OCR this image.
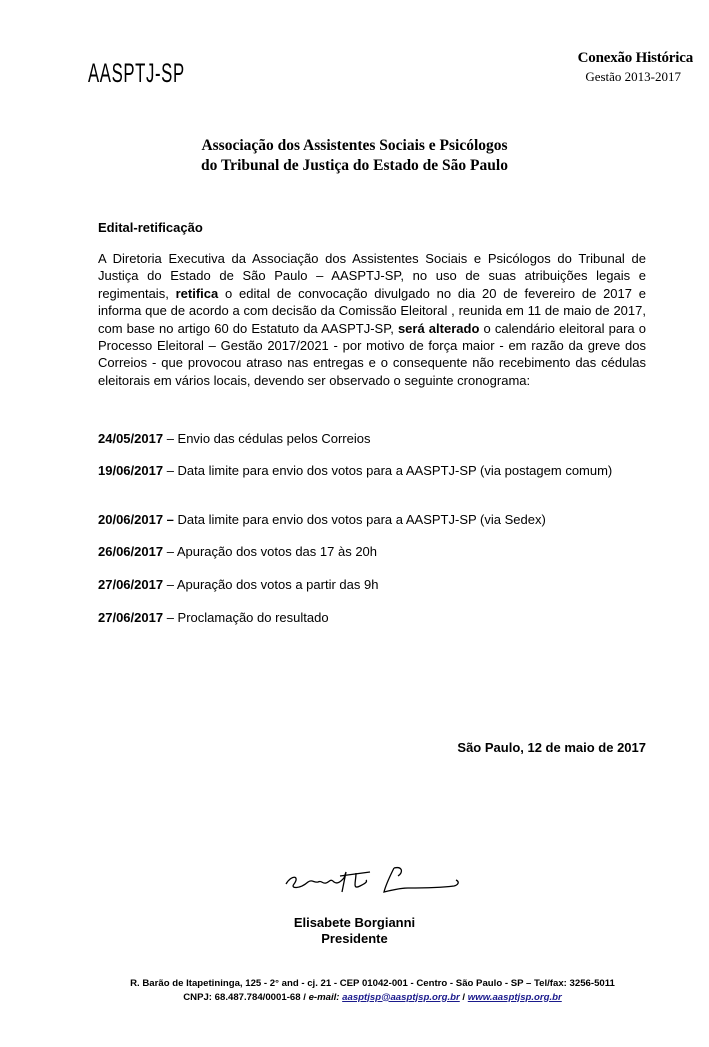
AASPTJ-SP	Conexão Histórica
Gestão 2013-2017
Associação dos Assistentes Sociais e Psicólogos
do Tribunal de Justiça do Estado de São Paulo
Edital-retificação
A Diretoria Executiva da Associação dos Assistentes Sociais e Psicólogos do Tribunal de Justiça do Estado de São Paulo – AASPTJ-SP, no uso de suas atribuições legais e regimentais, retifica o edital de convocação divulgado no dia 20 de fevereiro de 2017 e informa que de acordo a com decisão da Comissão Eleitoral , reunida em 11 de maio de 2017, com base no artigo 60 do Estatuto da AASPTJ-SP, será alterado o calendário eleitoral para o Processo Eleitoral – Gestão 2017/2021 - por motivo de força maior - em razão da greve dos Correios - que provocou atraso nas entregas e o consequente não recebimento das cédulas eleitorais em vários locais, devendo ser observado o seguinte cronograma:
24/05/2017 – Envio das cédulas pelos Correios
19/06/2017 – Data limite para envio dos votos para a AASPTJ-SP (via postagem comum)
20/06/2017 – Data limite para envio dos votos para a AASPTJ-SP (via Sedex)
26/06/2017 – Apuração dos votos das 17 às 20h
27/06/2017 – Apuração dos votos a partir das 9h
27/06/2017 – Proclamação do resultado
São Paulo, 12 de maio de 2017
Elisabete Borgianni
Presidente
R. Barão de Itapetininga, 125 - 2° and - cj. 21 - CEP 01042-001 - Centro - São Paulo - SP – Tel/fax: 3256-5011
CNPJ: 68.487.784/0001-68 / e-mail: aasptjsp@aasptjsp.org.br / www.aasptjsp.org.br
